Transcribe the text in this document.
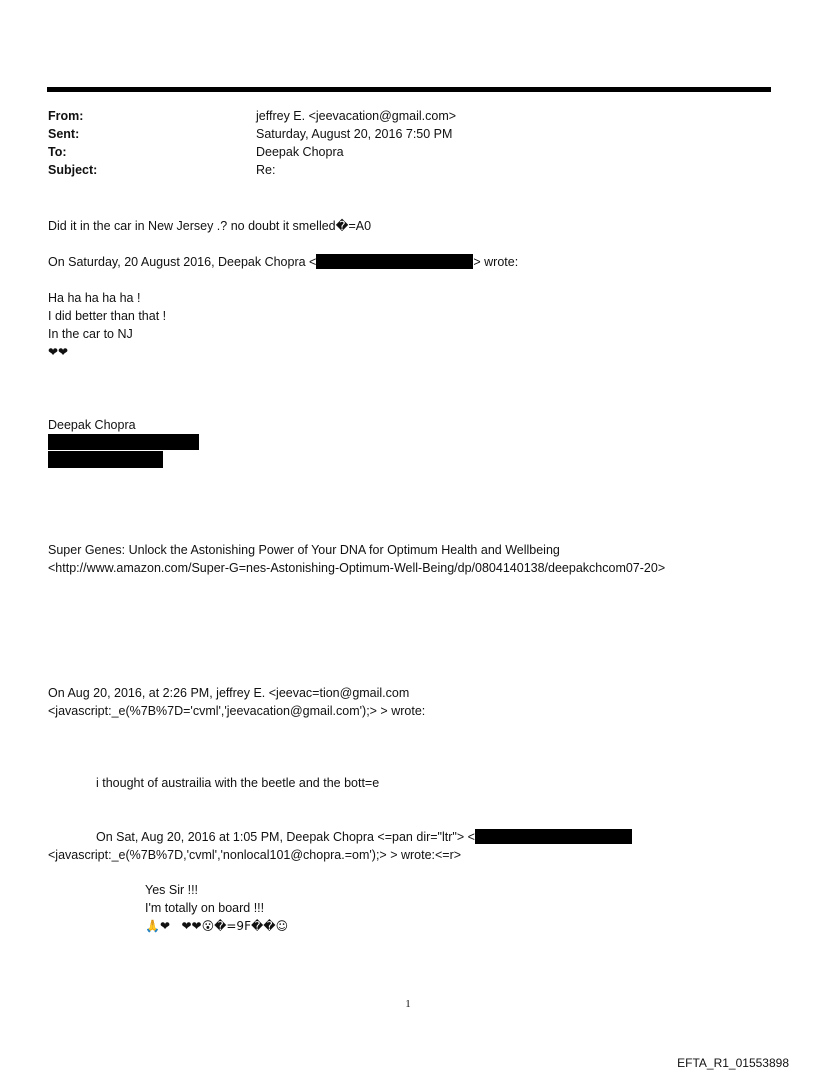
From:	jeffrey E. <jeevacation@gmail.com>
Sent:	Saturday, August 20, 2016 7:50 PM
To:	Deepak Chopra
Subject:	Re:
Did it in the car in New Jersey .? no doubt it smelled�=A0
On Saturday, 20 August 2016, Deepak Chopra <	> wrote:
Ha ha ha ha ha !
I did better than that !
In the car to NJ
❤❤
Deepak Chopra
Super Genes: Unlock the Astonishing Power of Your DNA for Optimum Health and Wellbeing
<http://www.amazon.com/Super-G=nes-Astonishing-Optimum-Well-Being/dp/0804140138/deepakchcom07-20>
On Aug 20, 2016, at 2:26 PM, jeffrey E. <jeevac=tion@gmail.com
<javascript:_e(%7B%7D='cvml','jeevacation@gmail.com');> > wrote:
i thought of austrailia with the beetle and the bott=e
On Sat, Aug 20, 2016 at 1:05 PM, Deepak Chopra <=pan dir="ltr"> <
<javascript:_e(%7B%7D,'cvml','nonlocal101@chopra.=om');> > wrote:<=r>
Yes Sir !!!
I'm totally on board !!!
🙏❤ ❤❤😮�=9F��☺
1
EFTA_R1_01553898
